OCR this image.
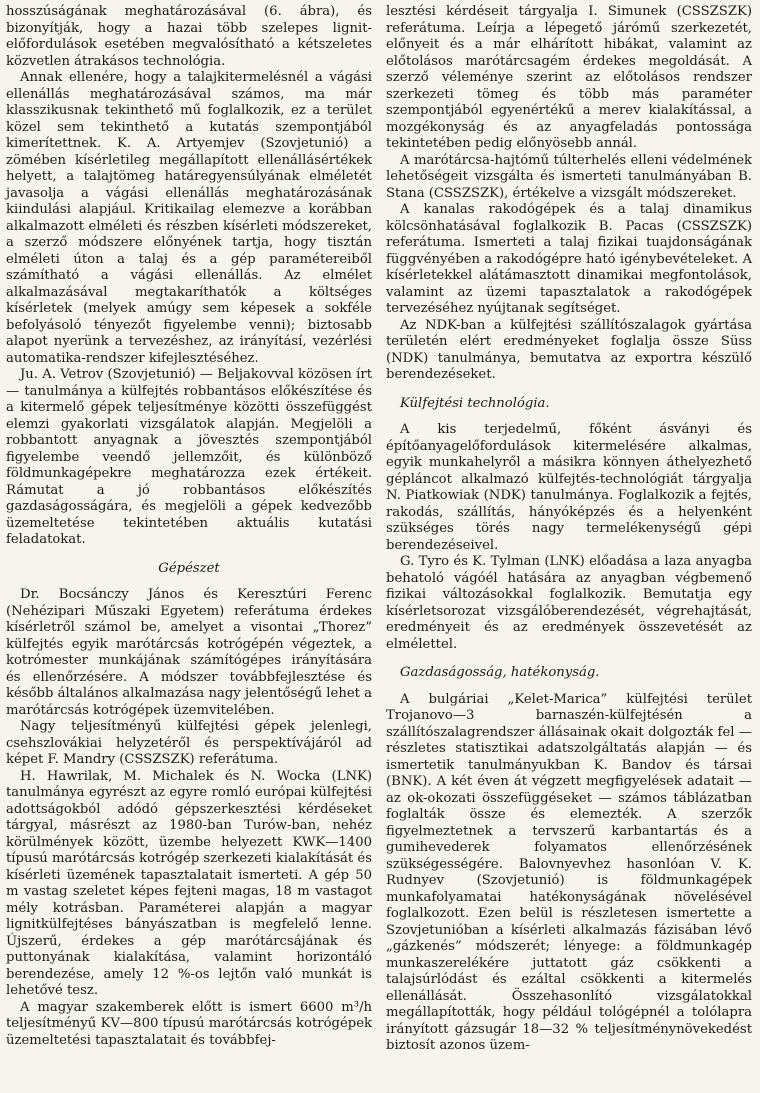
hosszúságának meghatározásával (6. ábra), és bizonyítják, hogy a hazai több szelepes lignit-előfordulások esetében megvalósítható a kétszeletes közvetlen átrakásos technológia.

Annak ellenére, hogy a talajkitermelésnél a vágási ellenállás meghatározásával számos, ma már klasszikusnak tekinthető mű foglalkozik, ez a terület közel sem tekinthető a kutatás szempontjából kimerítettnek. K. A. Artyemjev (Szovjetunió) a zömében kísérletileg megállapított ellenállásértékek helyett, a talajtömeg határegyensúlyának elméletét javasolja a vágási ellenállás meghatározásának kiindulási alapjául. Kritikailag elemezve a korábban alkalmazott elméleti és részben kísérleti módszereket, a szerző módszere előnyének tartja, hogy tisztán elméleti úton a talaj és a gép paramétereiből számítható a vágási ellenállás. Az elmélet alkalmazásával megtakaríthatók a költséges kísérletek (melyek amúgy sem képesek a sokféle befolyásoló tényezőt figyelembe venni); biztosabb alapot nyerünk a tervezéshez, az irányításí, vezérlési automatika-rendszer kifejlesztéséhez.

Ju. A. Vetrov (Szovjetunió) — Beljakovval közösen írt — tanulmánya a külfejtés robbantásos előkészítése és a kitermelő gépek teljesítménye közötti összefüggést elemzi gyakorlati vizsgálatok alapján. Megjelöli a robbantott anyagnak a jövesztés szempontjából figyelembe veendő jellemzőit, és különböző földmunkagépekre meghatározza ezek értékeit. Rámutat a jó robbantásos előkészítés gazdaságosságára, és megjelöli a gépek kedvezőbb üzemeltetése tekintetében aktuális kutatási feladatokat.

Gépészet

Dr. Bocsánczy János és Keresztúri Ferenc (Nehézipari Műszaki Egyetem) referátuma érdekes kísérletről számol be, amelyet a visontai „Thorez” külfejtés egyik marótárcsás kotrógépén végeztek, a kotrómester munkájának számítógépes irányítására és ellenőrzésére. A módszer továbbfejlesztése és később általános alkalmazása nagy jelentőségű lehet a marótárcsás kotrógépek üzemvitelében.

Nagy teljesítményű külfejtési gépek jelenlegi, csehszlovákiai helyzetéről és perspektívájáról ad képet F. Mandry (CSSZSZK) referátuma.

H. Hawrilak, M. Michalek és N. Wocka (LNK) tanulmánya egyrészt az egyre romló európai külfejtési adottságokból adódó gépszerkesztési kérdéseket tárgyal, másrészt az 1980-ban Turów-ban, nehéz körülmények között, üzembe helyezett KWK—1400 típusú marótárcsás kotrógép szerkezeti kialakítását és kísérleti üzemének tapasztalatait ismerteti. A gép 50 m vastag szeletet képes fejteni magas, 18 m vastagot mély kotrásban. Paraméterei alapján a magyar lignitkülfejtéses bányászatban is megfelelő lenne. Újszerű, érdekes a gép marótárcsájának és puttonyának kialakítása, valamint horizontáló berendezése, amely 12 %-os lejtőn való munkát is lehetővé tesz.

A magyar szakemberek előtt is ismert 6600 m³/h teljesítményű KV—800 típusú marótárcsás kotrógépek üzemeltetési tapasztalatait és továbbfej-

lesztési kérdéseit tárgyalja I. Simunek (CSSZSZK) referátuma. Leírja a lépegető járómű szerkezetét, előnyeit és a már elhárított hibákat, valamint az előtolásos marótárcsagém érdekes megoldását. A szerző véleménye szerint az előtolásos rendszer szerkezeti tömeg és több más paraméter szempontjából egyenértékű a merev kialakítással, a mozgékonyság és az anyagfeladás pontossága tekintetében pedig előnyösebb annál.

A marótárcsa-hajtómű túlterhelés elleni védelmének lehetőségeit vizsgálta és ismerteti tanulmányában B. Stana (CSSZSZK), értékelve a vizsgált módszereket.

A kanalas rakodógépek és a talaj dinamikus kölcsönhatásával foglalkozik B. Pacas (CSSZSZK) referátuma. Ismerteti a talaj fizikai tuajdonságának függvényében a rakodógépre ható igénybevételeket. A kísérletekkel alátámasztott dinamikai megfontolások, valamint az üzemi tapasztalatok a rakodógépek tervezéséhez nyújtanak segítséget.

Az NDK-ban a külfejtési szállítószalagok gyártása területén elért eredményeket foglalja össze Süss (NDK) tanulmánya, bemutatva az exportra készülő berendezéseket.

Külfejtési technológia.

A kis terjedelmű, főként ásványi és építőanyagelőfordulások kitermelésére alkalmas, egyik munkahelyről a másikra könnyen áthelyezhető gépláncot alkalmazó külfejtés-technológiát tárgyalja N. Piatkowiak (NDK) tanulmánya. Foglalkozik a fejtés, rakodás, szállítás, hányóképzés és a helyenként szükséges törés nagy termelékenységű gépi berendezéseivel.

G. Tyro és K. Tylman (LNK) előadása a laza anyagba behatoló vágóél hatására az anyagban végbemenő fizikai változásokkal foglalkozik. Bemutatja egy kísérletsorozat vizsgálóberendezését, végrehajtását, eredményeit és az eredmények összevetését az elmélettel.

Gazdaságosság, hatékonyság.

A bulgáriai „Kelet-Marica” külfejtési terület Trojanovo—3 barnaszén-külfejtésén a szállítószalagrendszer állásainak okait dolgozták fel — részletes statisztikai adatszolgáltatás alapján — és ismertetik tanulmányukban K. Bandov és társai (BNK). A két éven át végzett megfigyelések adatait — az ok-okozati összefüggéseket — számos táblázatban foglalták össze és elemezték. A szerzők figyelmeztetnek a tervszerű karbantartás és a gumihevederek folyamatos ellenőrzésének szükségességére. Balovnyevhez hasonlóan V. K. Rudnyev (Szovjetunió) is földmunkagépek munkafolyamatai hatékonyságának növelésével foglalkozott. Ezen belül is részletesen ismertette a Szovjetunióban a kísérleti alkalmazás fázisában lévő „gázkenés” módszerét; lényege: a földmunkagép munkaszerelékére juttatott gáz csökkenti a talajsúrlódást és ezáltal csökkenti a kitermelés ellenállását. Összehasonlító vizsgálatokkal megállapították, hogy például tológépnél a tolólapra irányított gázsugár 18—32 % teljesítménynövekedést biztosít azonos üzem-
